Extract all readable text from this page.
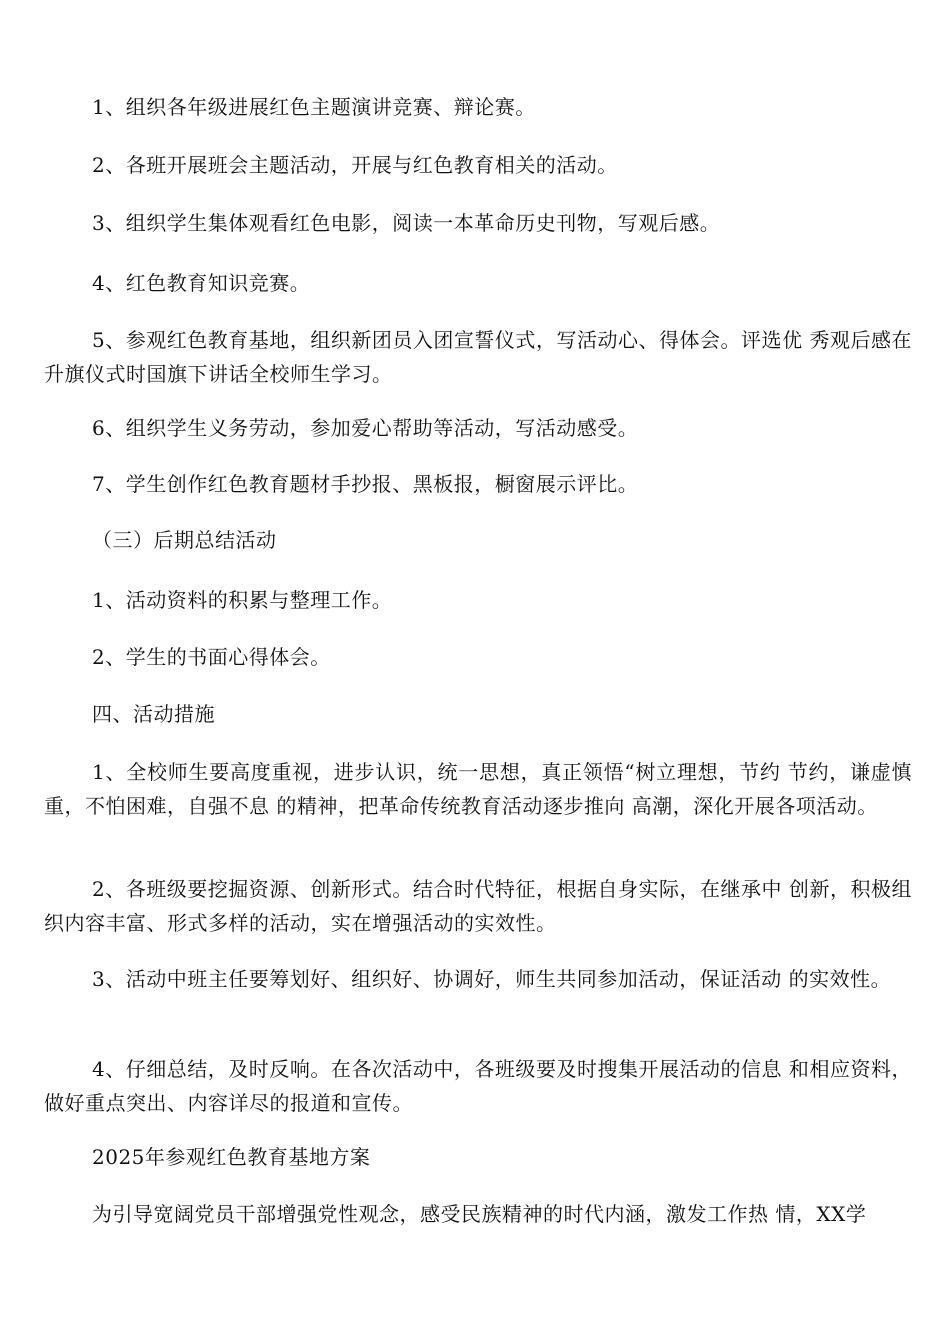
1、组织各年级进展红色主题演讲竞赛、辩论赛。

2、各班开展班会主题活动，开展与红色教育相关的活动。

3、组织学生集体观看红色电影，阅读一本革命历史刊物，写观后感。

4、红色教育知识竞赛。

5、参观红色教育基地，组织新团员入团宣誓仪式，写活动心、得体会。评选优 秀观后感在升旗仪式时国旗下讲话全校师生学习。

6、组织学生义务劳动，参加爱心帮助等活动，写活动感受。

7、学生创作红色教育题材手抄报、黑板报，橱窗展示评比。

（三）后期总结活动

1、活动资料的积累与整理工作。

2、学生的书面心得体会。

四、活动措施

1、全校师生要高度重视，进步认识，统一思想，真正领悟“树立理想，节约 节约，谦虚慎重，不怕困难，自强不息 的精神，把革命传统教育活动逐步推向 高潮，深化开展各项活动。

2、各班级要挖掘资源、创新形式。结合时代特征，根据自身实际，在继承中 创新，积极组织内容丰富、形式多样的活动，实在增强活动的实效性。

3、活动中班主任要筹划好、组织好、协调好，师生共同参加活动，保证活动 的实效性。

4、仔细总结，及时反响。在各次活动中，各班级要及时搜集开展活动的信息 和相应资料，做好重点突出、内容详尽的报道和宣传。

2025年参观红色教育基地方案

为引导宽阔党员干部增强党性观念，感受民族精神的时代内涵，激发工作热 情，XX学
